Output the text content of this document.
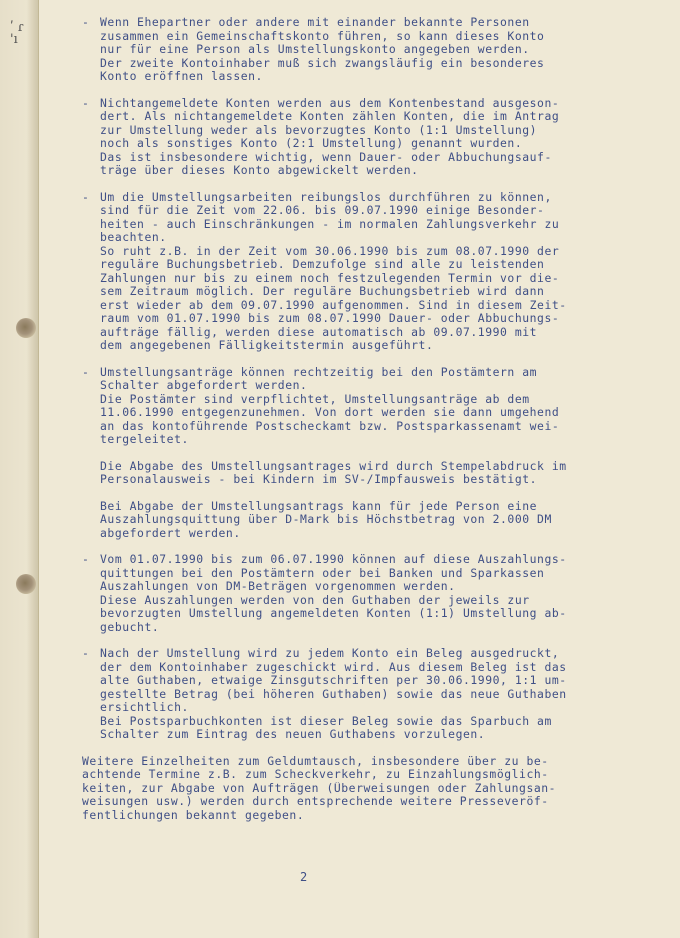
ʹ ɾ
'ı
- Wenn Ehepartner oder andere mit einander bekannte Personen
zusammen ein Gemeinschaftskonto führen, so kann dieses Konto
nur für eine Person als Umstellungskonto angegeben werden.
Der zweite Kontoinhaber muß sich zwangsläufig ein besonderes
Konto eröffnen lassen.
- Nichtangemeldete Konten werden aus dem Kontenbestand ausgeson-
dert. Als nichtangemeldete Konten zählen Konten, die im Antrag
zur Umstellung weder als bevorzugtes Konto (1:1 Umstellung)
noch als sonstiges Konto (2:1 Umstellung) genannt wurden.
Das ist insbesondere wichtig, wenn Dauer- oder Abbuchungsauf-
träge über dieses Konto abgewickelt werden.
- Um die Umstellungsarbeiten reibungslos durchführen zu können,
sind für die Zeit vom 22.06. bis 09.07.1990 einige Besonder-
heiten - auch Einschränkungen - im normalen Zahlungsverkehr zu
beachten.
So ruht z.B. in der Zeit vom 30.06.1990 bis zum 08.07.1990 der
reguläre Buchungsbetrieb. Demzufolge sind alle zu leistenden
Zahlungen nur bis zu einem noch festzulegenden Termin vor die-
sem Zeitraum möglich. Der reguläre Buchungsbetrieb wird dann
erst wieder ab dem 09.07.1990 aufgenommen. Sind in diesem Zeit-
raum vom 01.07.1990 bis zum 08.07.1990 Dauer- oder Abbuchungs-
aufträge fällig, werden diese automatisch ab 09.07.1990 mit
dem angegebenen Fälligkeitstermin ausgeführt.
- Umstellungsanträge können rechtzeitig bei den Postämtern am
Schalter abgefordert werden.
Die Postämter sind verpflichtet, Umstellungsanträge ab dem
11.06.1990 entgegenzunehmen. Von dort werden sie dann umgehend
an das kontoführende Postscheckamt bzw. Postsparkassenamt wei-
tergeleitet.
Die Abgabe des Umstellungsantrages wird durch Stempelabdruck im
Personalausweis - bei Kindern im SV-/Impfausweis bestätigt.
Bei Abgabe der Umstellungsantrags kann für jede Person eine
Auszahlungsquittung über D-Mark bis Höchstbetrag von 2.000 DM
abgefordert werden.
- Vom 01.07.1990 bis zum 06.07.1990 können auf diese Auszahlungs-
quittungen bei den Postämtern oder bei Banken und Sparkassen
Auszahlungen von DM-Beträgen vorgenommen werden.
Diese Auszahlungen werden von den Guthaben der jeweils zur
bevorzugten Umstellung angemeldeten Konten (1:1) Umstellung ab-
gebucht.
- Nach der Umstellung wird zu jedem Konto ein Beleg ausgedruckt,
der dem Kontoinhaber zugeschickt wird. Aus diesem Beleg ist das
alte Guthaben, etwaige Zinsgutschriften per 30.06.1990, 1:1 um-
gestellte Betrag (bei höheren Guthaben) sowie das neue Guthaben
ersichtlich.
Bei Postsparbuchkonten ist dieser Beleg sowie das Sparbuch am
Schalter zum Eintrag des neuen Guthabens vorzulegen.
Weitere Einzelheiten zum Geldumtausch, insbesondere über zu be-
achtende Termine z.B. zum Scheckverkehr, zu Einzahlungsmöglich-
keiten, zur Abgabe von Aufträgen (Überweisungen oder Zahlungsan-
weisungen usw.) werden durch entsprechende weitere Presseveröf-
fentlichungen bekannt gegeben.
2
